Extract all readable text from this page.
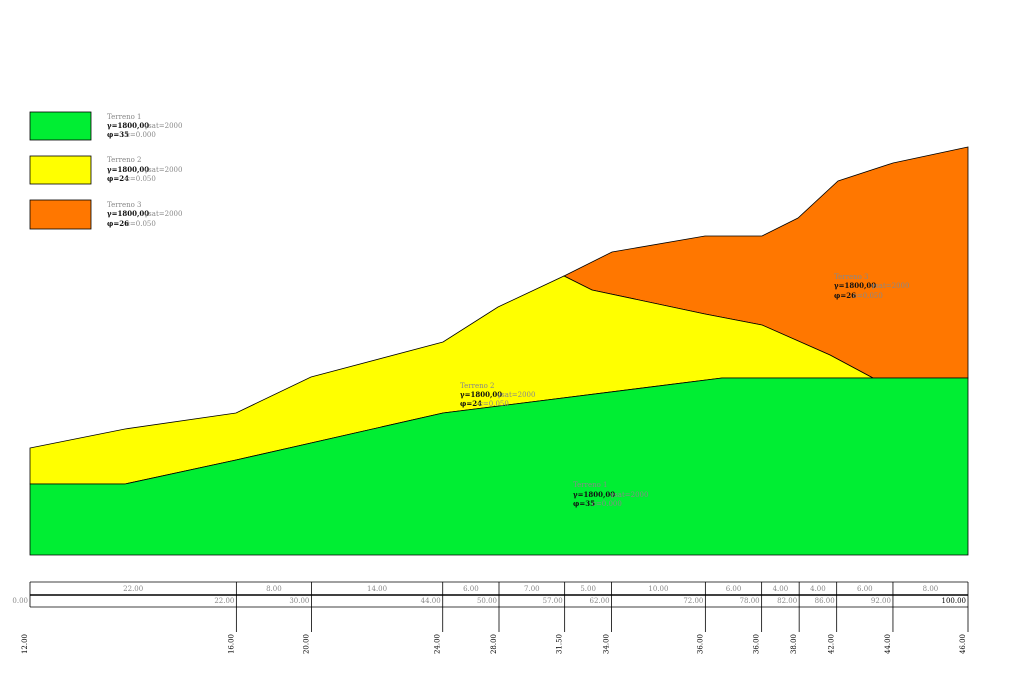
Terreno 1
γ=1800,00
γsat=2000
φ=35
c=0.000
Terreno 2
γ=1800,00
γsat=2000
φ=24
c=0.050
Terreno 3
γ=1800,00
γsat=2000
φ=26
c=0.050
Terreno 1
γ=1800,00
γsat=2000
φ=35
c=0.000
Terreno 2
γ=1800,00
γsat=2000
φ=24
c=0.050
Terreno 3
γ=1800,00
γsat=2000
φ=26
c=0.050
22.00	8.00	14.00	6.00	7.00	5.00	10.00	6.00	4.00	4.00	6.00	8.00
0.00	22.00	30.00	44.00	50.00	57.00	62.00	72.00	78.00 82.00 86.00	92.00	100.00
12.00	16.00	20.00	24.00	28.00	31.50	34.00	36.00	36.00	38.00	42.00	44.00	46.00
